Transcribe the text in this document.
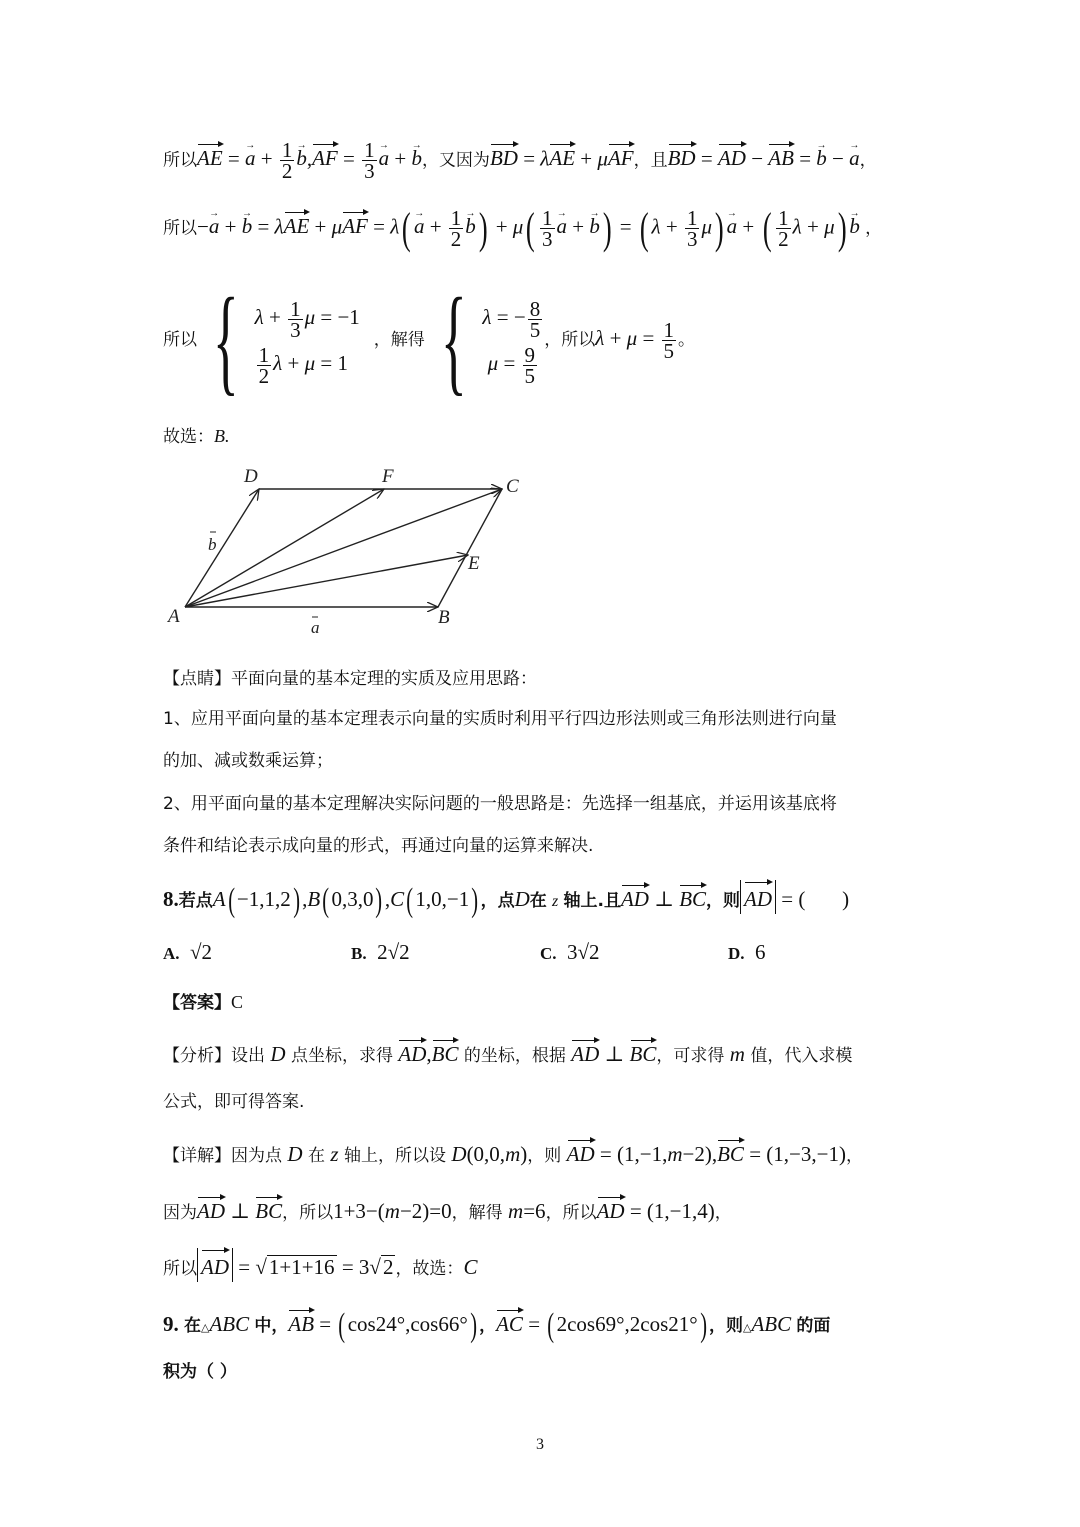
所以AE = a → + $\frac{1}{2}$ $b \to,AF = \frac{1}{3}$ a → + b →，又因为BD = λAE + μAF，且BD = AD − AB = b → − a →，
所以−a → + b → = λAE + μAF = λ( a → + $\frac{1}{2}$ b →) + $\mu( \frac{1}{3}$ a → + b →) = ( $\lambda + \frac{1}{3} \mu$) a → + ( $\frac{1}{2}$ λ + μ) b → ，
所以 { $\lambda + \frac{1}{3}$ μ = −1
$\frac{1}{2}$ λ + μ = 1
，解得 { λ = − $\frac{8}{5}$
$\mu = \frac{9}{5}$
，所以$\lambda + \mu = \frac{1}{5}$ 。
故选：B.
A	B
C
D	F
E
b
a
【点睛】平面向量的基本定理的实质及应用思路：
1、应用平面向量的基本定理表示向量的实质时利用平行四边形法则或三角形法则进行向量
的加、减或数乘运算；
2、用平面向量的基本定理解决实际问题的一般思路是：先选择一组基底，并运用该基底将
条件和结论表示成向量的形式，再通过向量的运算来解决.
8.若点A( −1,1,2) ,B( 0,3,0) ,C( 1,0,−1) ，点D在 z 轴上.且AD ⊥ BC，则 AD = (       )
A. √2	B. 2√2	C. 3√2	D. 6
【答案】C
【分析】设出 D 点坐标，求得 AD,BC 的坐标，根据 AD ⊥ BC，可求得 m 值，代入求模
公式，即可得答案.
【详解】因为点 D 在 z 轴上，所以设 D(0,0,m)，则 AD = (1,−1,m−2),BC = (1,−3,−1)，
因为AD ⊥ BC，所以1+3−(m−2)=0，解得 m=6，所以AD = (1,−1,4)，
所以 AD = √1+1+16 = 3√2 ，故选：C
9. 在△ABC 中，AB = ( cos24°,cos66°) ，AC = ( 2cos69°,2cos21°) ，则△ABC 的面
积为（ ）
3
